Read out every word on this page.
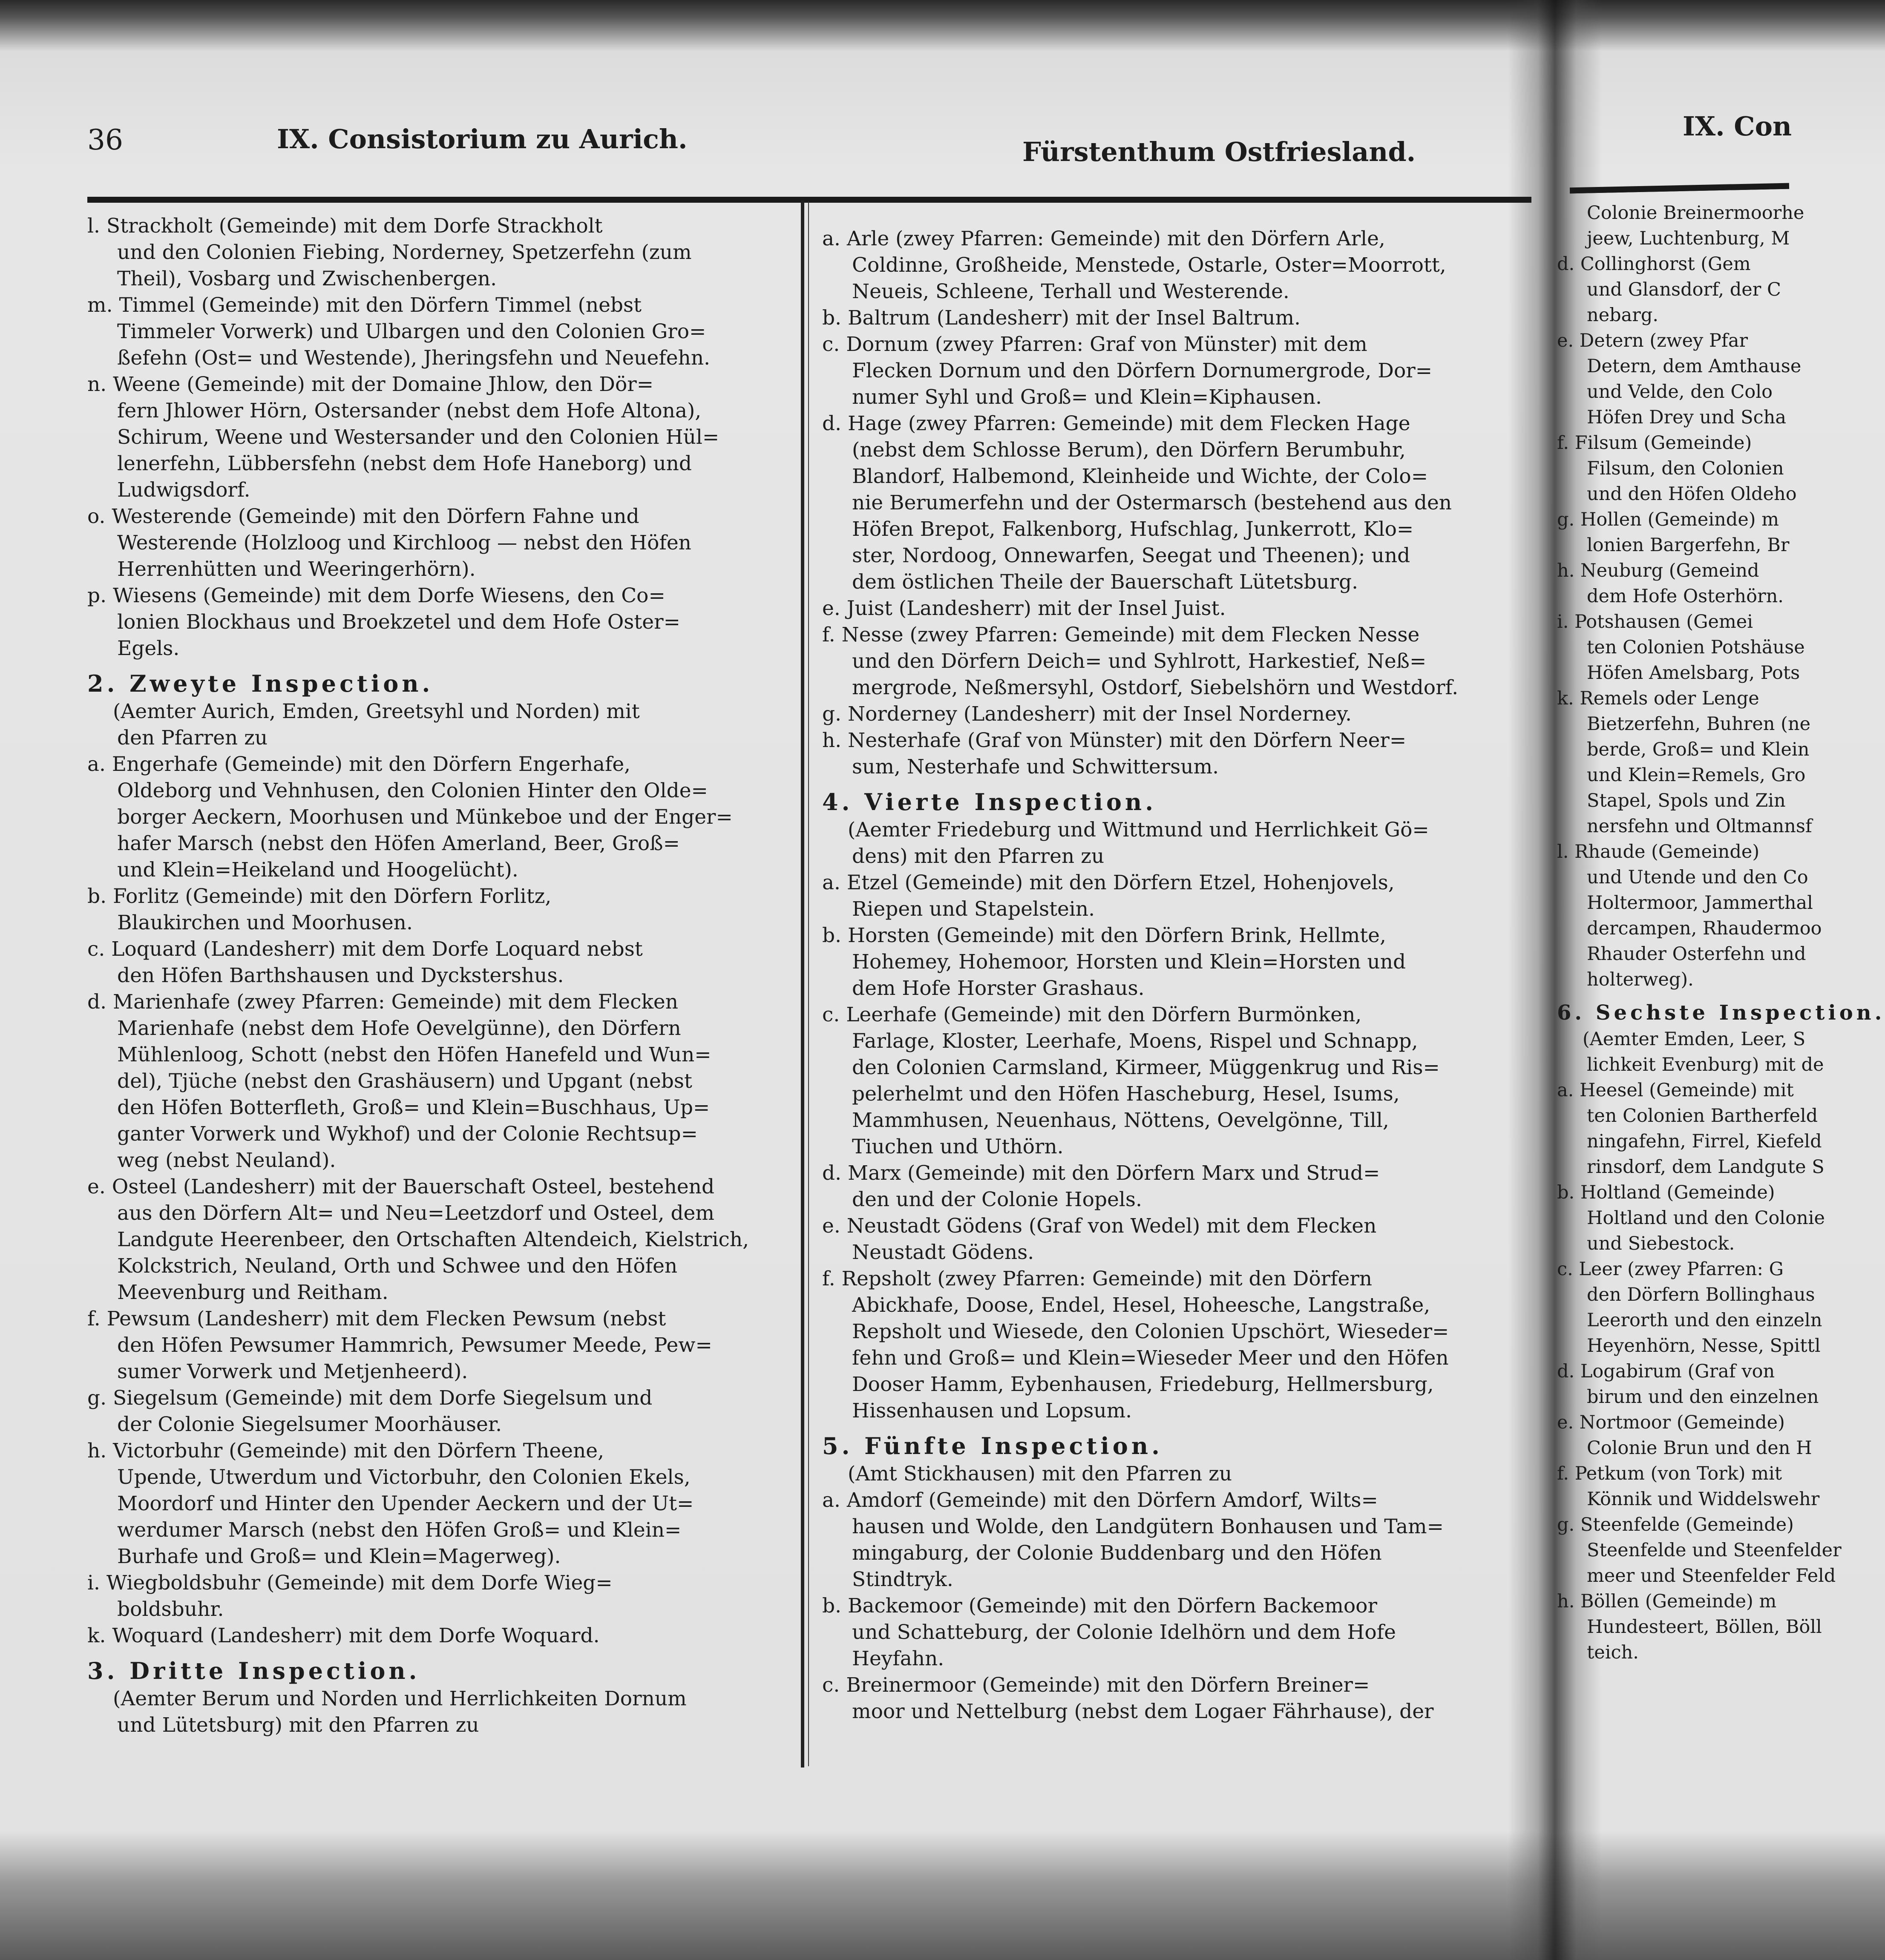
36	IX. Consistorium zu Aurich.	Fürstenthum Ostfriesland.
IX. Con
l. Strackholt (Gemeinde) mit dem Dorfe Strackholt
und den Colonien Fiebing, Norderney, Spetzerfehn (zum
Theil), Vosbarg und Zwischenbergen.
m. Timmel (Gemeinde) mit den Dörfern Timmel (nebst
Timmeler Vorwerk) und Ulbargen und den Colonien Gro=
ßefehn (Ost= und Westende), Jheringsfehn und Neuefehn.
n. Weene (Gemeinde) mit der Domaine Jhlow, den Dör=
fern Jhlower Hörn, Ostersander (nebst dem Hofe Altona),
Schirum, Weene und Westersander und den Colonien Hül=
lenerfehn, Lübbersfehn (nebst dem Hofe Haneborg) und
Ludwigsdorf.
o. Westerende (Gemeinde) mit den Dörfern Fahne und
Westerende (Holzloog und Kirchloog — nebst den Höfen
Herrenhütten und Weeringerhörn).
p. Wiesens (Gemeinde) mit dem Dorfe Wiesens, den Co=
lonien Blockhaus und Broekzetel und dem Hofe Oster=
Egels.
2. Zweyte Inspection.
(Aemter Aurich, Emden, Greetsyhl und Norden) mit
den Pfarren zu
a. Engerhafe (Gemeinde) mit den Dörfern Engerhafe,
Oldeborg und Vehnhusen, den Colonien Hinter den Olde=
borger Aeckern, Moorhusen und Münkeboe und der Enger=
hafer Marsch (nebst den Höfen Amerland, Beer, Groß=
und Klein=Heikeland und Hoogelücht).
b. Forlitz (Gemeinde) mit den Dörfern Forlitz,
Blaukirchen und Moorhusen.
c. Loquard (Landesherr) mit dem Dorfe Loquard nebst
den Höfen Barthshausen und Dyckstershus.
d. Marienhafe (zwey Pfarren: Gemeinde) mit dem Flecken
Marienhafe (nebst dem Hofe Oevelgünne), den Dörfern
Mühlenloog, Schott (nebst den Höfen Hanefeld und Wun=
del), Tjüche (nebst den Grashäusern) und Upgant (nebst
den Höfen Botterfleth, Groß= und Klein=Buschhaus, Up=
ganter Vorwerk und Wykhof) und der Colonie Rechtsup=
weg (nebst Neuland).
e. Osteel (Landesherr) mit der Bauerschaft Osteel, bestehend
aus den Dörfern Alt= und Neu=Leetzdorf und Osteel, dem
Landgute Heerenbeer, den Ortschaften Altendeich, Kielstrich,
Kolckstrich, Neuland, Orth und Schwee und den Höfen
Meevenburg und Reitham.
f. Pewsum (Landesherr) mit dem Flecken Pewsum (nebst
den Höfen Pewsumer Hammrich, Pewsumer Meede, Pew=
sumer Vorwerk und Metjenheerd).
g. Siegelsum (Gemeinde) mit dem Dorfe Siegelsum und
der Colonie Siegelsumer Moorhäuser.
h. Victorbuhr (Gemeinde) mit den Dörfern Theene,
Upende, Utwerdum und Victorbuhr, den Colonien Ekels,
Moordorf und Hinter den Upender Aeckern und der Ut=
werdumer Marsch (nebst den Höfen Groß= und Klein=
Burhafe und Groß= und Klein=Magerweg).
i. Wiegboldsbuhr (Gemeinde) mit dem Dorfe Wieg=
boldsbuhr.
k. Woquard (Landesherr) mit dem Dorfe Woquard.
3. Dritte Inspection.
(Aemter Berum und Norden und Herrlichkeiten Dornum
und Lütetsburg) mit den Pfarren zu
a. Arle (zwey Pfarren: Gemeinde) mit den Dörfern Arle,
Coldinne, Großheide, Menstede, Ostarle, Oster=Moorrott,
Neueis, Schleene, Terhall und Westerende.
b. Baltrum (Landesherr) mit der Insel Baltrum.
c. Dornum (zwey Pfarren: Graf von Münster) mit dem
Flecken Dornum und den Dörfern Dornumergrode, Dor=
numer Syhl und Groß= und Klein=Kiphausen.
d. Hage (zwey Pfarren: Gemeinde) mit dem Flecken Hage
(nebst dem Schlosse Berum), den Dörfern Berumbuhr,
Blandorf, Halbemond, Kleinheide und Wichte, der Colo=
nie Berumerfehn und der Ostermarsch (bestehend aus den
Höfen Brepot, Falkenborg, Hufschlag, Junkerrott, Klo=
ster, Nordoog, Onnewarfen, Seegat und Theenen); und
dem östlichen Theile der Bauerschaft Lütetsburg.
e. Juist (Landesherr) mit der Insel Juist.
f. Nesse (zwey Pfarren: Gemeinde) mit dem Flecken Nesse
und den Dörfern Deich= und Syhlrott, Harkestief, Neß=
mergrode, Neßmersyhl, Ostdorf, Siebelshörn und Westdorf.
g. Norderney (Landesherr) mit der Insel Norderney.
h. Nesterhafe (Graf von Münster) mit den Dörfern Neer=
sum, Nesterhafe und Schwittersum.
4. Vierte Inspection.
(Aemter Friedeburg und Wittmund und Herrlichkeit Gö=
dens) mit den Pfarren zu
a. Etzel (Gemeinde) mit den Dörfern Etzel, Hohenjovels,
Riepen und Stapelstein.
b. Horsten (Gemeinde) mit den Dörfern Brink, Hellmte,
Hohemey, Hohemoor, Horsten und Klein=Horsten und
dem Hofe Horster Grashaus.
c. Leerhafe (Gemeinde) mit den Dörfern Burmönken,
Farlage, Kloster, Leerhafe, Moens, Rispel und Schnapp,
den Colonien Carmsland, Kirmeer, Müggenkrug und Ris=
pelerhelmt und den Höfen Hascheburg, Hesel, Isums,
Mammhusen, Neuenhaus, Nöttens, Oevelgönne, Till,
Tiuchen und Uthörn.
d. Marx (Gemeinde) mit den Dörfern Marx und Strud=
den und der Colonie Hopels.
e. Neustadt Gödens (Graf von Wedel) mit dem Flecken
Neustadt Gödens.
f. Repsholt (zwey Pfarren: Gemeinde) mit den Dörfern
Abickhafe, Doose, Endel, Hesel, Hoheesche, Langstraße,
Repsholt und Wiesede, den Colonien Upschört, Wieseder=
fehn und Groß= und Klein=Wieseder Meer und den Höfen
Dooser Hamm, Eybenhausen, Friedeburg, Hellmersburg,
Hissenhausen und Lopsum.
5. Fünfte Inspection.
(Amt Stickhausen) mit den Pfarren zu
a. Amdorf (Gemeinde) mit den Dörfern Amdorf, Wilts=
hausen und Wolde, den Landgütern Bonhausen und Tam=
mingaburg, der Colonie Buddenbarg und den Höfen
Stindtryk.
b. Backemoor (Gemeinde) mit den Dörfern Backemoor
und Schatteburg, der Colonie Idelhörn und dem Hofe
Heyfahn.
c. Breinermoor (Gemeinde) mit den Dörfern Breiner=
moor und Nettelburg (nebst dem Logaer Fährhause), der
Colonie Breinermoorhe
jeew, Luchtenburg, M
d. Collinghorst (Gem
und Glansdorf, der C
nebarg.
e. Detern (zwey Pfar
Detern, dem Amthause
und Velde, den Colo
Höfen Drey und Scha
f. Filsum (Gemeinde)
Filsum, den Colonien
und den Höfen Oldeho
g. Hollen (Gemeinde) m
lonien Bargerfehn, Br
h. Neuburg (Gemeind
dem Hofe Osterhörn.
i. Potshausen (Gemei
ten Colonien Potshäuse
Höfen Amelsbarg, Pots
k. Remels oder Lenge
Bietzerfehn, Buhren (ne
berde, Groß= und Klein
und Klein=Remels, Gro
Stapel, Spols und Zin
nersfehn und Oltmannsf
l. Rhaude (Gemeinde)
und Utende und den Co
Holtermoor, Jammerthal
dercampen, Rhaudermoo
Rhauder Osterfehn und
holterweg).
6. Sechste Inspection.
(Aemter Emden, Leer, S
lichkeit Evenburg) mit de
a. Heesel (Gemeinde) mit
ten Colonien Bartherfeld
ningafehn, Firrel, Kiefeld
rinsdorf, dem Landgute S
b. Holtland (Gemeinde)
Holtland und den Colonie
und Siebestock.
c. Leer (zwey Pfarren: G
den Dörfern Bollinghaus
Leerorth und den einzeln
Heyenhörn, Nesse, Spittl
d. Logabirum (Graf von
birum und den einzelnen
e. Nortmoor (Gemeinde)
Colonie Brun und den H
f. Petkum (von Tork) mit
Könnik und Widdelswehr
g. Steenfelde (Gemeinde)
Steenfelde und Steenfelder
meer und Steenfelder Feld
h. Böllen (Gemeinde) m
Hundesteert, Böllen, Böll
teich.
